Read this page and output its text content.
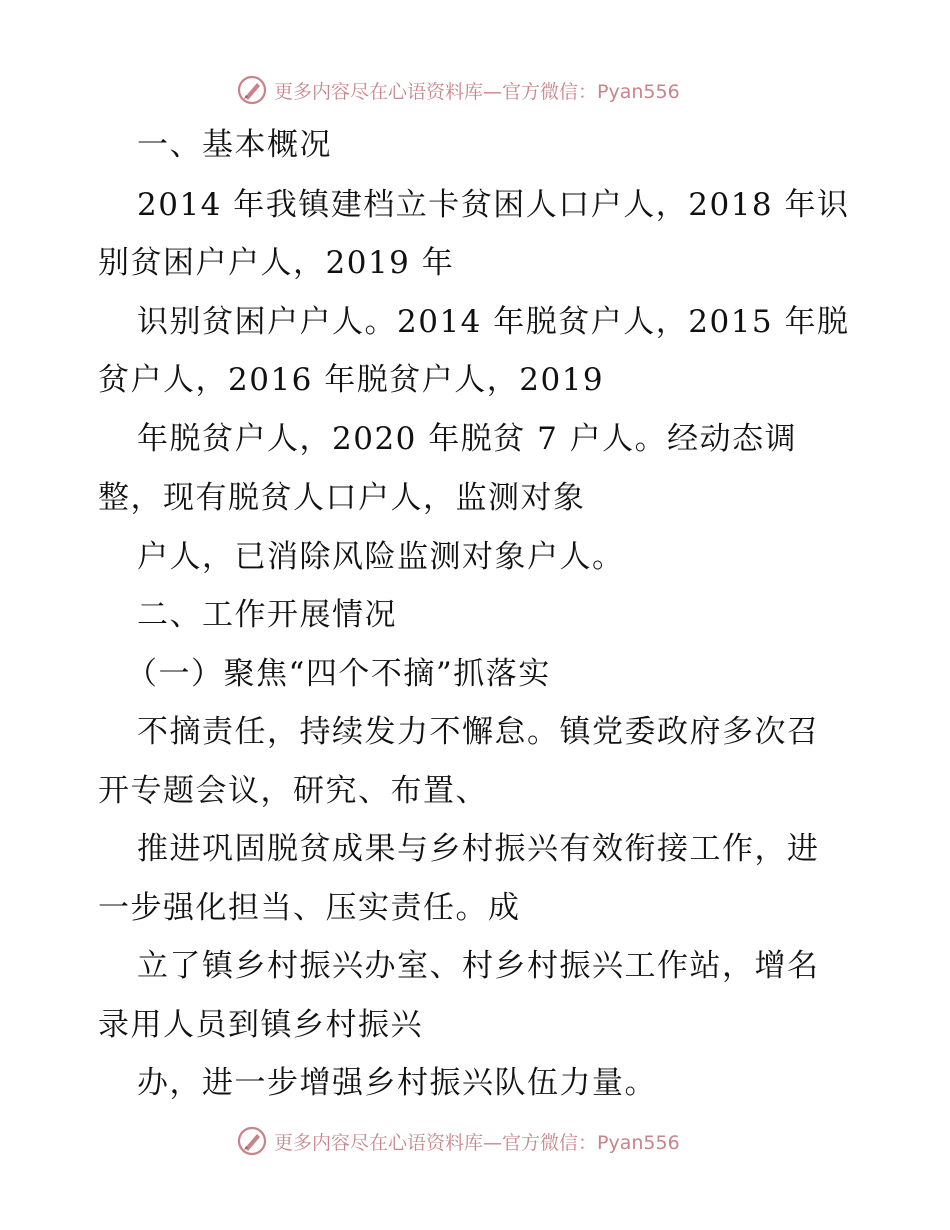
更多内容尽在心语资料库—官方微信：Pyan556
一、基本概况
2014 年我镇建档立卡贫困人口户人，2018 年识
别贫困户户人，2019 年
识别贫困户户人。2014 年脱贫户人，2015 年脱
贫户人，2016 年脱贫户人，2019
年脱贫户人，2020 年脱贫 7 户人。经动态调
整，现有脱贫人口户人，监测对象
户人，已消除风险监测对象户人。
二、工作开展情况
（一）聚焦“四个不摘”抓落实
不摘责任，持续发力不懈怠。镇党委政府多次召
开专题会议，研究、布置、
推进巩固脱贫成果与乡村振兴有效衔接工作，进
一步强化担当、压实责任。成
立了镇乡村振兴办室、村乡村振兴工作站，增名
录用人员到镇乡村振兴
办，进一步增强乡村振兴队伍力量。
更多内容尽在心语资料库—官方微信：Pyan556
